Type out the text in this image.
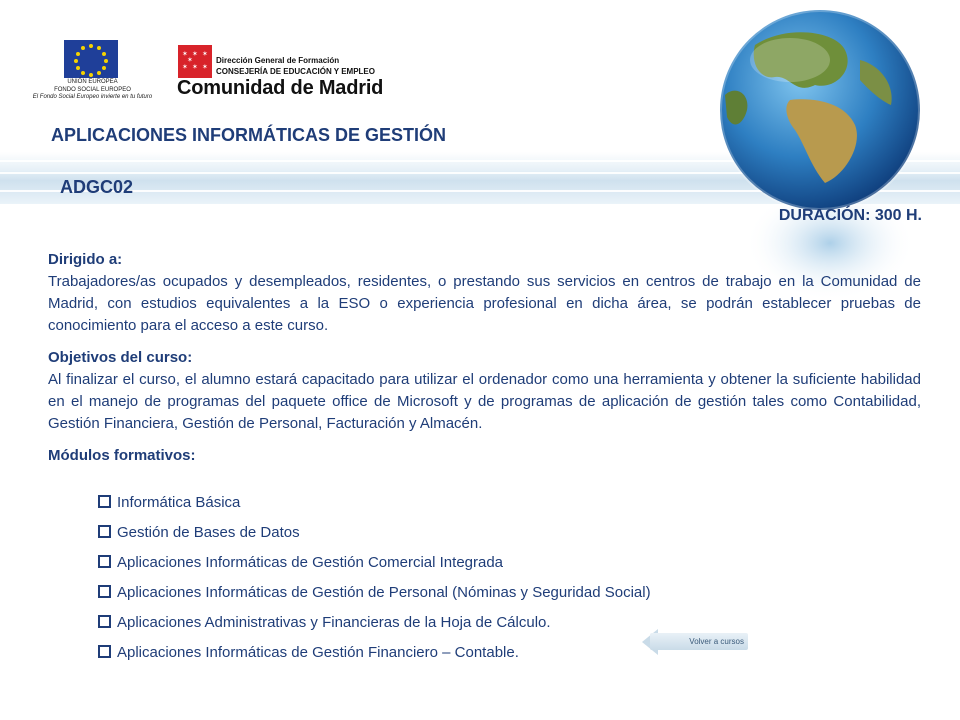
UNIÓN EUROPEA
FONDO SOCIAL EUROPEO
El Fondo Social Europeo invierte en tu futuro
✶ ✶ ✶
✶ ✶ ✶
✶	Dirección General de Formación
CONSEJERÍA DE EDUCACIÓN Y EMPLEO
Comunidad de Madrid
APLICACIONES INFORMÁTICAS DE GESTIÓN
ADGC02
DURACIÓN: 300 H.
Dirigido a:
Trabajadores/as ocupados y desempleados, residentes, o prestando sus servicios en centros de trabajo en la Comunidad de Madrid, con estudios equivalentes a la ESO o experiencia profesional en dicha área, se podrán establecer pruebas de conocimiento para el acceso a este curso.
Objetivos del curso:
Al finalizar el curso, el alumno estará capacitado para utilizar el ordenador como una herramienta y obtener la suficiente habilidad en el manejo de programas del paquete office de Microsoft y de programas de aplicación de gestión tales como Contabilidad, Gestión Financiera, Gestión de Personal, Facturación y Almacén.
Módulos formativos:
Informática Básica
Gestión de Bases de Datos
Aplicaciones Informáticas de Gestión Comercial Integrada
Aplicaciones Informáticas de Gestión de Personal (Nóminas y Seguridad Social)
Aplicaciones Administrativas y Financieras de la Hoja de Cálculo.
Aplicaciones Informáticas de Gestión Financiero – Contable.
Volver a cursos
